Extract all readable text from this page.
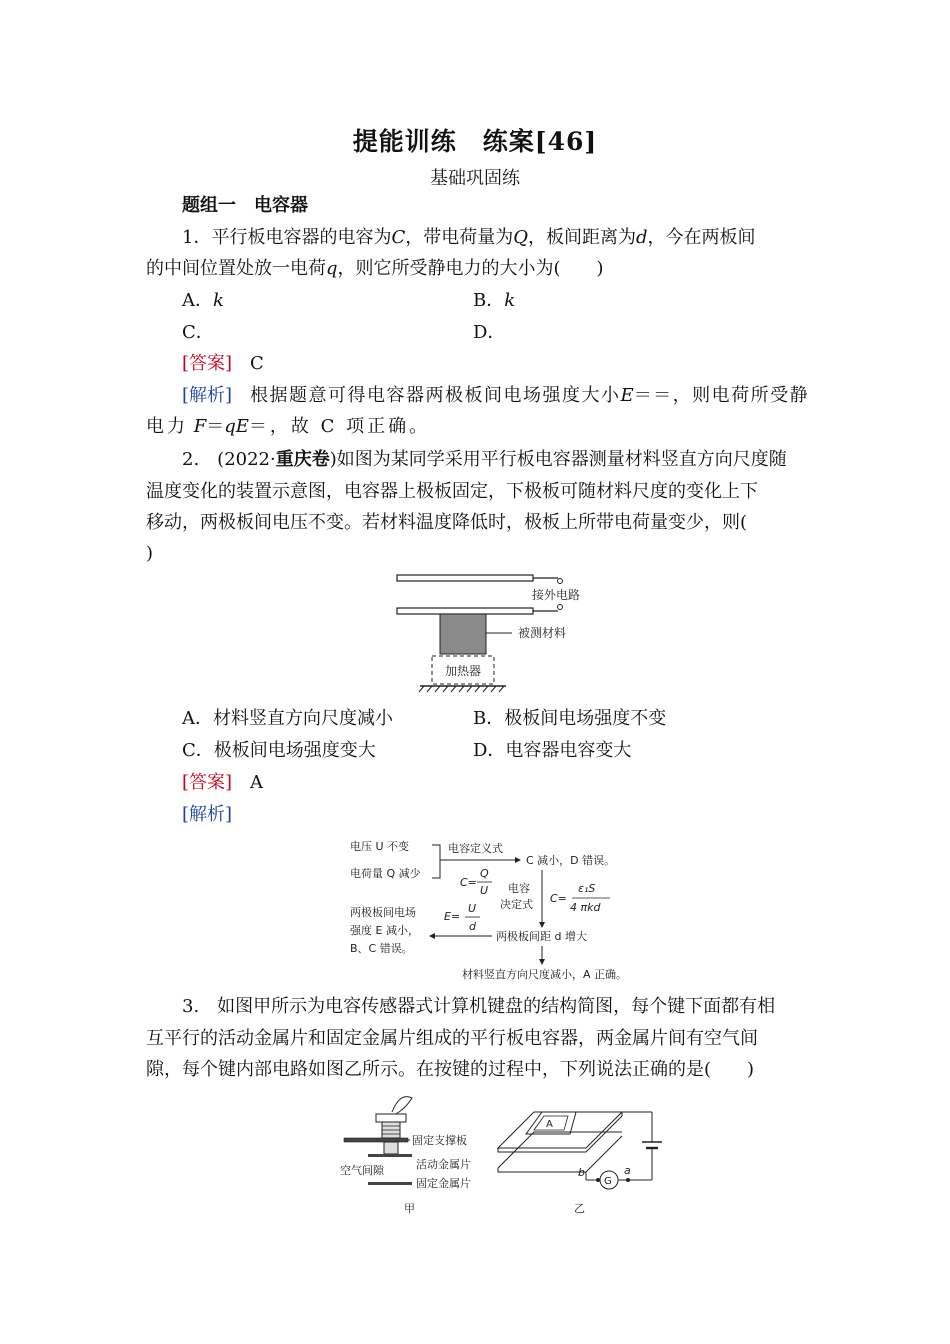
提能训练　练案[46]
基础巩固练
题组一　电容器
1．平行板电容器的电容为C，带电荷量为Q，板间距离为d，今在两板间
的中间位置处放一电荷q，则它所受静电力的大小为(　　)
A．k	B．k
C．	D．
[答案]　 C
[解析]　 根据题意可得电容器两极板间电场强度大小E＝＝，则电荷所受静
电力 F＝qE＝，故 C 项正确。
2.　(2022·重庆卷)如图为某同学采用平行板电容器测量材料竖直方向尺度随
温度变化的装置示意图，电容器上极板固定，下极板可随材料尺度的变化上下
移动，两极板间电压不变。若材料温度降低时，极板上所带电荷量变少，则(
)
接外电路
被测材料
加热器
A．材料竖直方向尺度减小	B．极板间电场强度不变
C．极板间电场强度变大	D．电容器电容变大
[答案]　 A
[解析]
电压 U 不变
电荷量 Q 减少
电容定义式
C=
Q
U
C 减小，D 错误。
电容
决定式 C=
ε₁S
4 πkd
两极板间电场
强度 E 减小，
B、C 错误。
E=
U
d
两极板间距 d 增大
材料竖直方向尺度减小，A 正确。
3.　如图甲所示为电容传感器式计算机键盘的结构简图，每个键下面都有相
互平行的活动金属片和固定金属片组成的平行板电容器，两金属片间有空气间
隙，每个键内部电路如图乙所示。在按键的过程中，下列说法正确的是(　　)
固定支撑板
空气间隙	活动金属片
固定金属片
甲
A
b
G
a
乙
